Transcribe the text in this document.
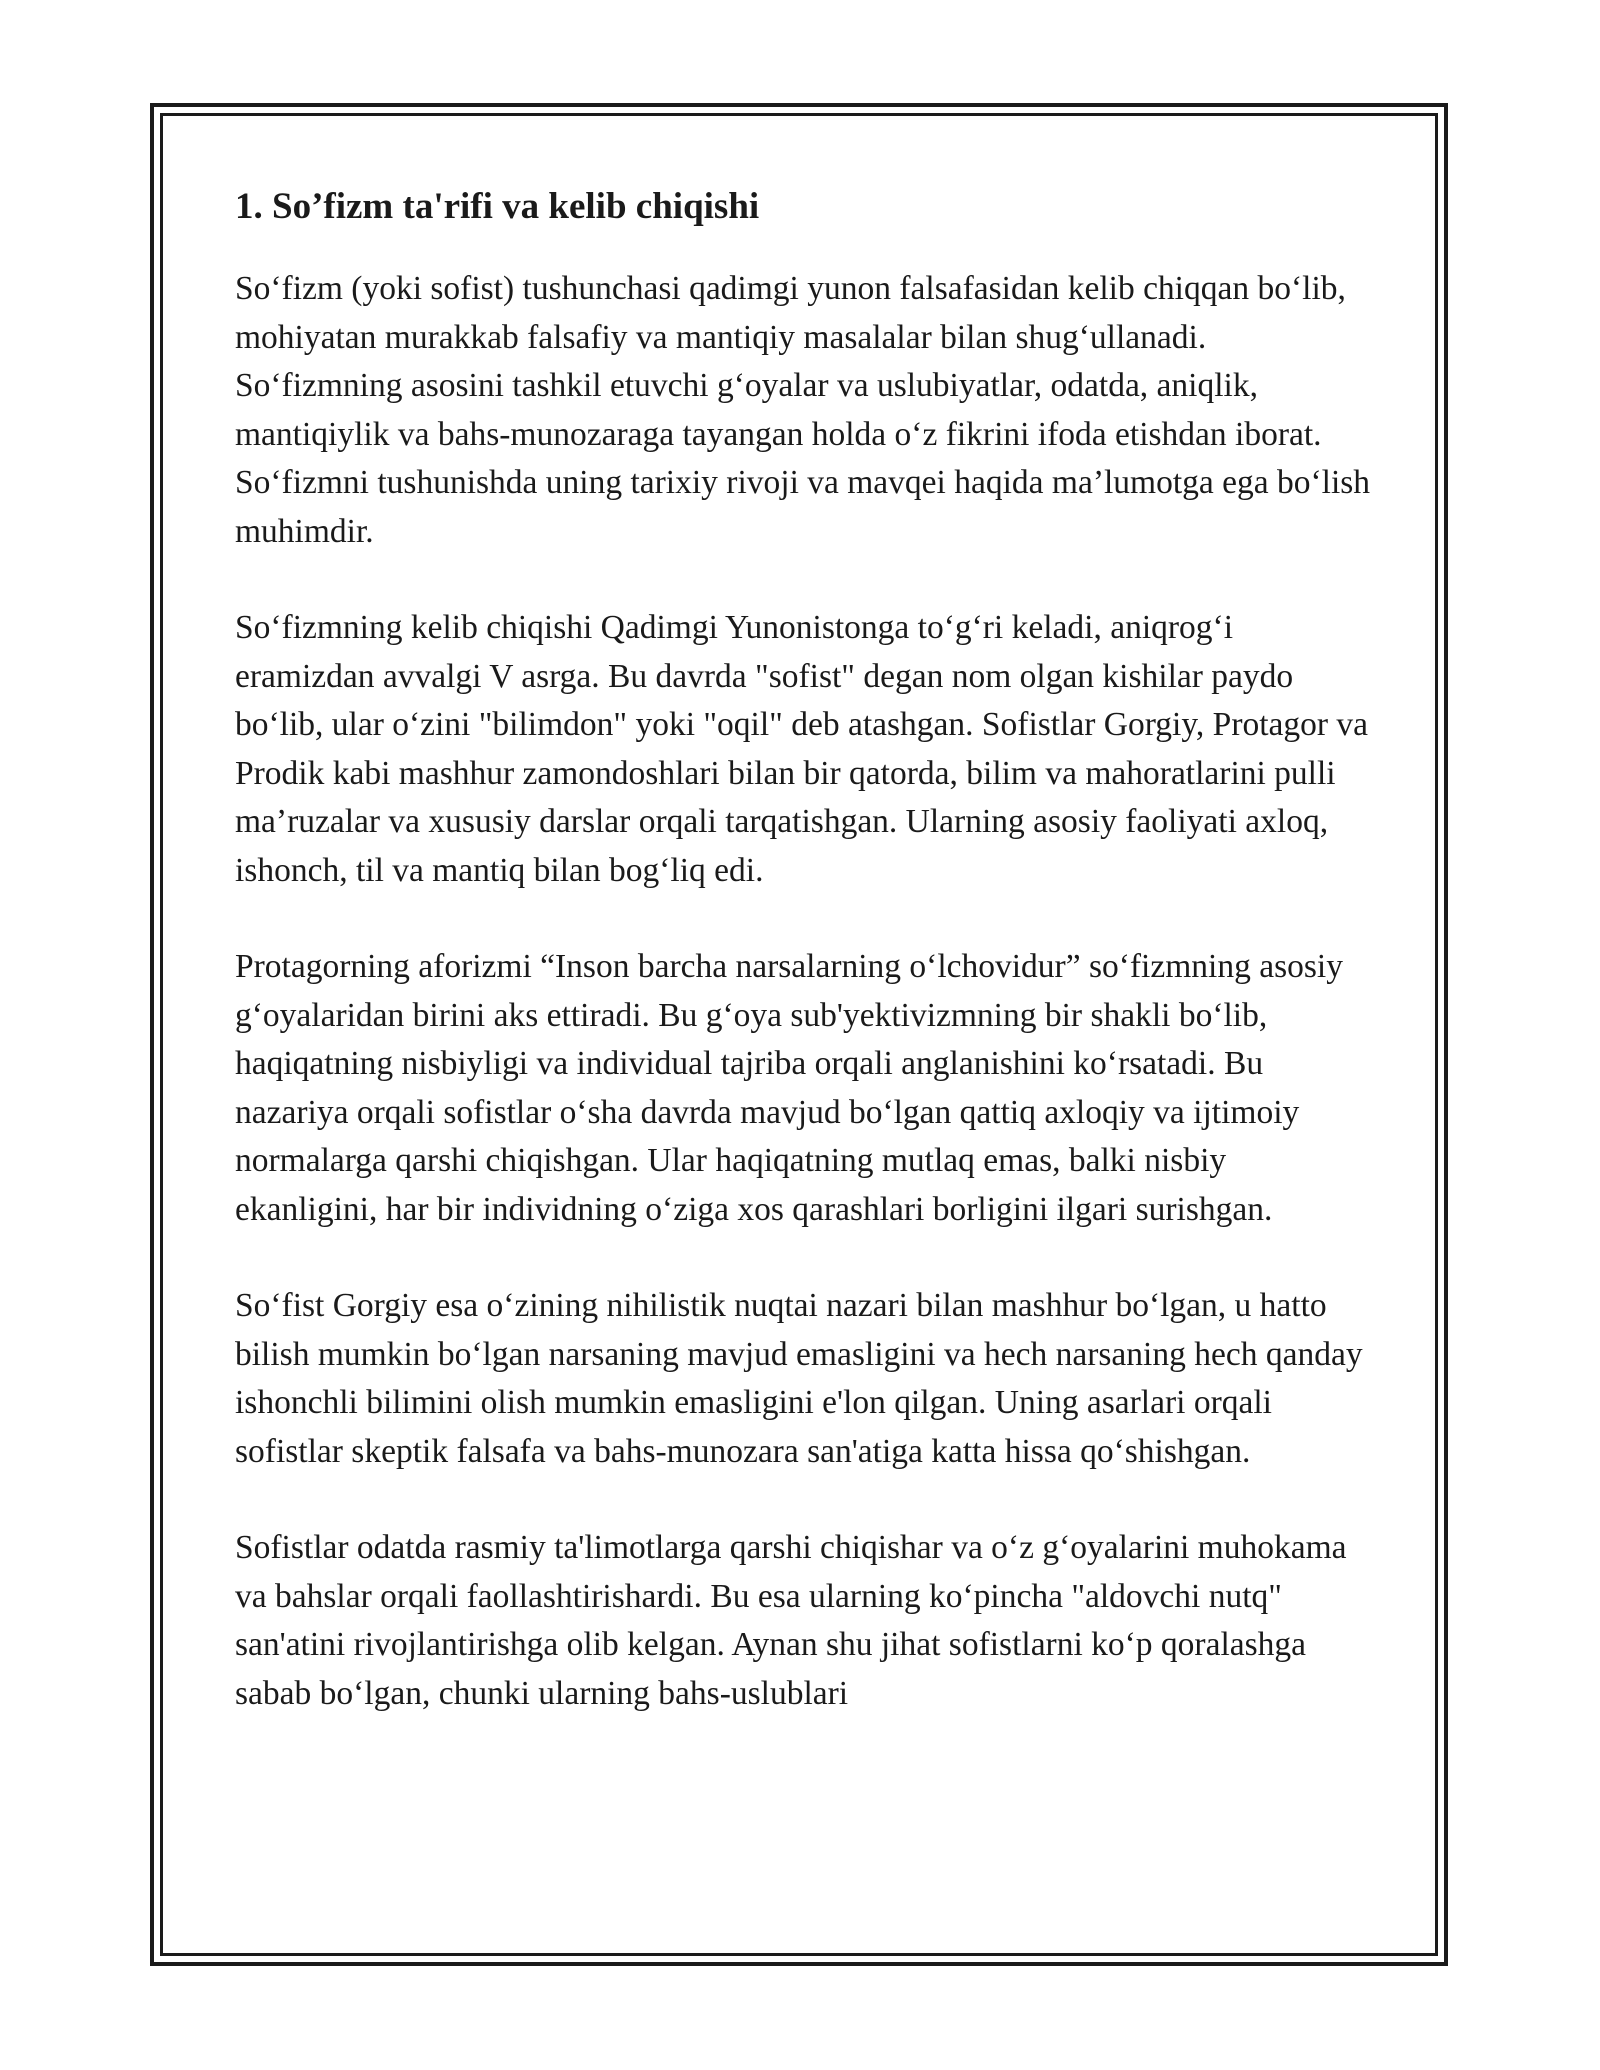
1. So’fizm ta'rifi va kelib chiqishi

So‘fizm (yoki sofist) tushunchasi qadimgi yunon falsafasidan kelib chiqqan bo‘lib, mohiyatan murakkab falsafiy va mantiqiy masalalar bilan shug‘ullanadi. So‘fizmning asosini tashkil etuvchi g‘oyalar va uslubiyatlar, odatda, aniqlik, mantiqiylik va bahs-munozaraga tayangan holda o‘z fikrini ifoda etishdan iborat. So‘fizmni tushunishda uning tarixiy rivoji va mavqei haqida ma’lumotga ega bo‘lish muhimdir.

So‘fizmning kelib chiqishi Qadimgi Yunonistonga to‘g‘ri keladi, aniqrog‘i eramizdan avvalgi V asrga. Bu davrda "sofist" degan nom olgan kishilar paydo bo‘lib, ular o‘zini "bilimdon" yoki "oqil" deb atashgan. Sofistlar Gorgiy, Protagor va Prodik kabi mashhur zamondoshlari bilan bir qatorda, bilim va mahoratlarini pulli ma’ruzalar va xususiy darslar orqali tarqatishgan. Ularning asosiy faoliyati axloq, ishonch, til va mantiq bilan bog‘liq edi.

Protagorning aforizmi “Inson barcha narsalarning o‘lchovidur” so‘fizmning asosiy g‘oyalaridan birini aks ettiradi. Bu g‘oya sub'yektivizmning bir shakli bo‘lib, haqiqatning nisbiyligi va individual tajriba orqali anglanishini ko‘rsatadi. Bu nazariya orqali sofistlar o‘sha davrda mavjud bo‘lgan qattiq axloqiy va ijtimoiy normalarga qarshi chiqishgan. Ular haqiqatning mutlaq emas, balki nisbiy ekanligini, har bir individning o‘ziga xos qarashlari borligini ilgari surishgan.

So‘fist Gorgiy esa o‘zining nihilistik nuqtai nazari bilan mashhur bo‘lgan, u hatto bilish mumkin bo‘lgan narsaning mavjud emasligini va hech narsaning hech qanday ishonchli bilimini olish mumkin emasligini e'lon qilgan. Uning asarlari orqali sofistlar skeptik falsafa va bahs-munozara san'atiga katta hissa qo‘shishgan.

Sofistlar odatda rasmiy ta'limotlarga qarshi chiqishar va o‘z g‘oyalarini muhokama va bahslar orqali faollashtirishardi. Bu esa ularning ko‘pincha "aldovchi nutq" san'atini rivojlantirishga olib kelgan. Aynan shu jihat sofistlarni ko‘p qoralashga sabab bo‘lgan, chunki ularning bahs-uslublari
